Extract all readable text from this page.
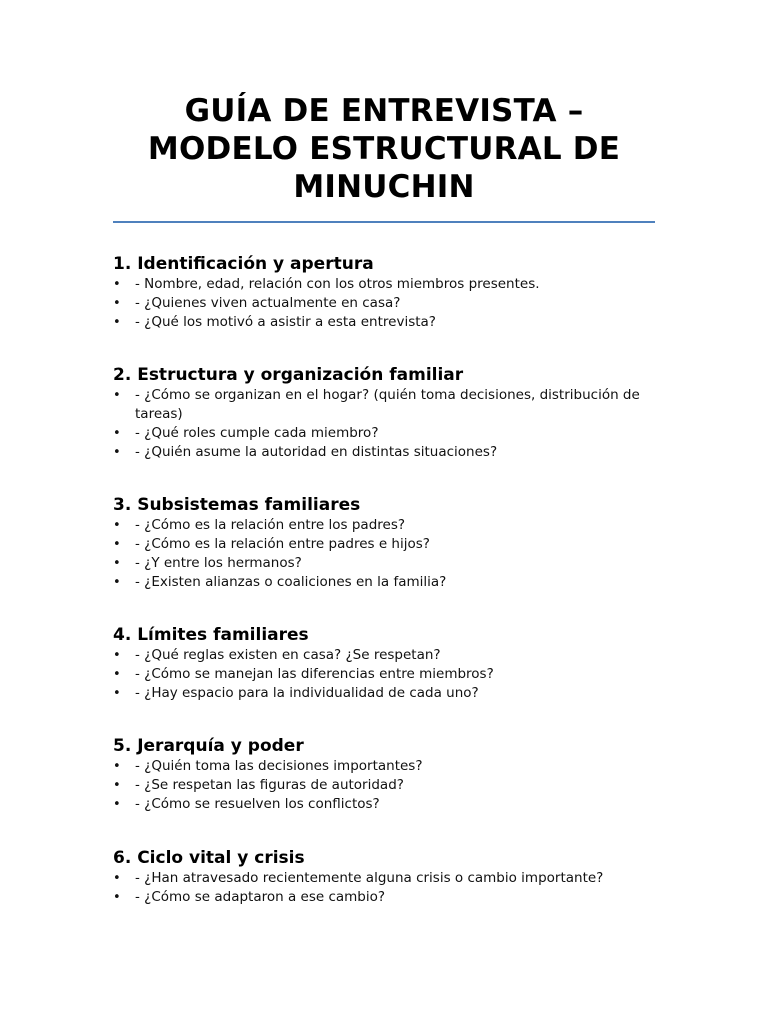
GUÍA DE ENTREVISTA – MODELO ESTRUCTURAL DE MINUCHIN
1. Identificación y apertura
• - Nombre, edad, relación con los otros miembros presentes.
• - ¿Quienes viven actualmente en casa?
• - ¿Qué los motivó a asistir a esta entrevista?
2. Estructura y organización familiar
• - ¿Cómo se organizan en el hogar? (quién toma decisiones, distribución de tareas)
• - ¿Qué roles cumple cada miembro?
• - ¿Quién asume la autoridad en distintas situaciones?
3. Subsistemas familiares
• - ¿Cómo es la relación entre los padres?
• - ¿Cómo es la relación entre padres e hijos?
• - ¿Y entre los hermanos?
• - ¿Existen alianzas o coaliciones en la familia?
4. Límites familiares
• - ¿Qué reglas existen en casa? ¿Se respetan?
• - ¿Cómo se manejan las diferencias entre miembros?
• - ¿Hay espacio para la individualidad de cada uno?
5. Jerarquía y poder
• - ¿Quién toma las decisiones importantes?
• - ¿Se respetan las figuras de autoridad?
• - ¿Cómo se resuelven los conflictos?
6. Ciclo vital y crisis
• - ¿Han atravesado recientemente alguna crisis o cambio importante?
• - ¿Cómo se adaptaron a ese cambio?
